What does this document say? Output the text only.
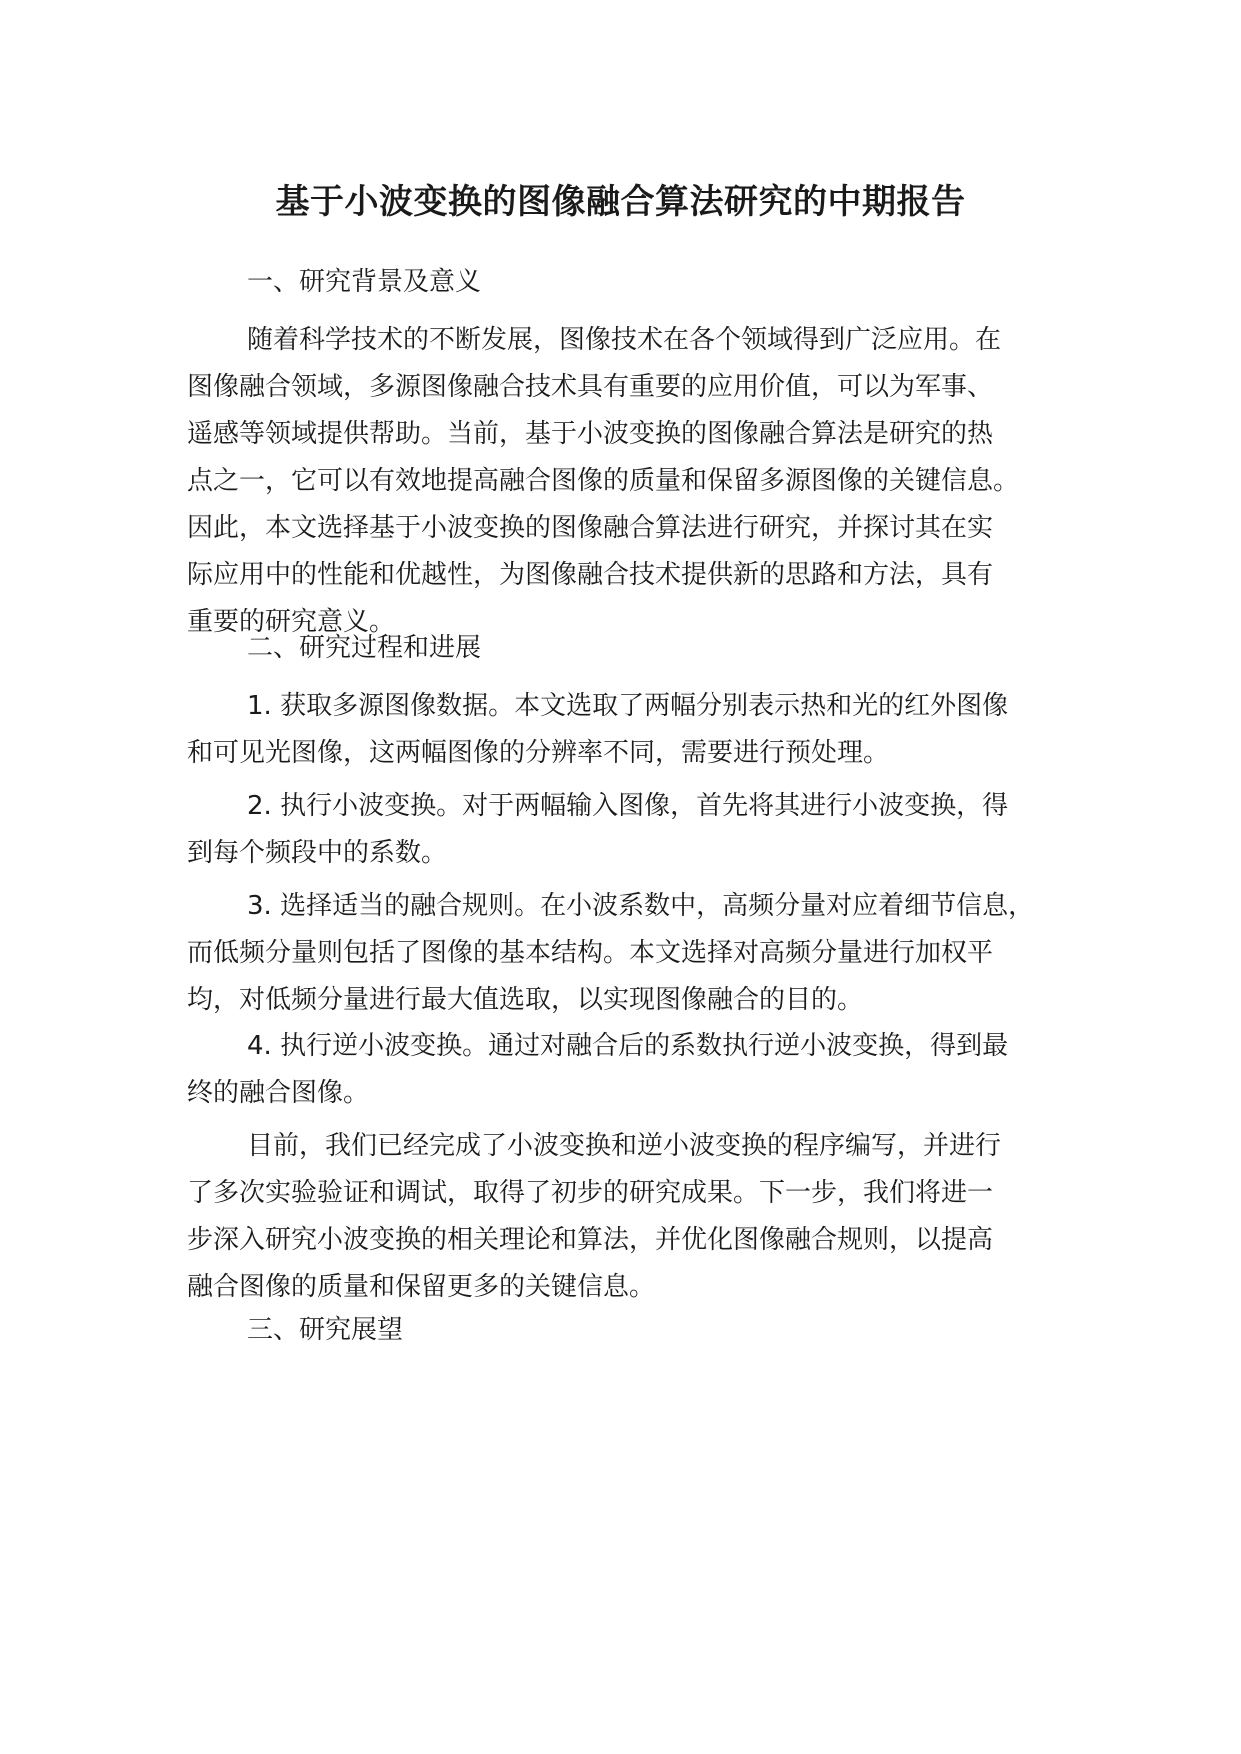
基于小波变换的图像融合算法研究的中期报告
一、研究背景及意义
随着科学技术的不断发展，图像技术在各个领域得到广泛应用。在
图像融合领域，多源图像融合技术具有重要的应用价值，可以为军事、
遥感等领域提供帮助。当前，基于小波变换的图像融合算法是研究的热
点之一，它可以有效地提高融合图像的质量和保留多源图像的关键信息。
因此，本文选择基于小波变换的图像融合算法进行研究，并探讨其在实
际应用中的性能和优越性，为图像融合技术提供新的思路和方法，具有
重要的研究意义。
二、研究过程和进展
1. 获取多源图像数据。本文选取了两幅分别表示热和光的红外图像
和可见光图像，这两幅图像的分辨率不同，需要进行预处理。
2. 执行小波变换。对于两幅输入图像，首先将其进行小波变换，得
到每个频段中的系数。
3. 选择适当的融合规则。在小波系数中，高频分量对应着细节信息，
而低频分量则包括了图像的基本结构。本文选择对高频分量进行加权平
均，对低频分量进行最大值选取，以实现图像融合的目的。
4. 执行逆小波变换。通过对融合后的系数执行逆小波变换，得到最
终的融合图像。
目前，我们已经完成了小波变换和逆小波变换的程序编写，并进行
了多次实验验证和调试，取得了初步的研究成果。下一步，我们将进一
步深入研究小波变换的相关理论和算法，并优化图像融合规则，以提高
融合图像的质量和保留更多的关键信息。
三、研究展望
